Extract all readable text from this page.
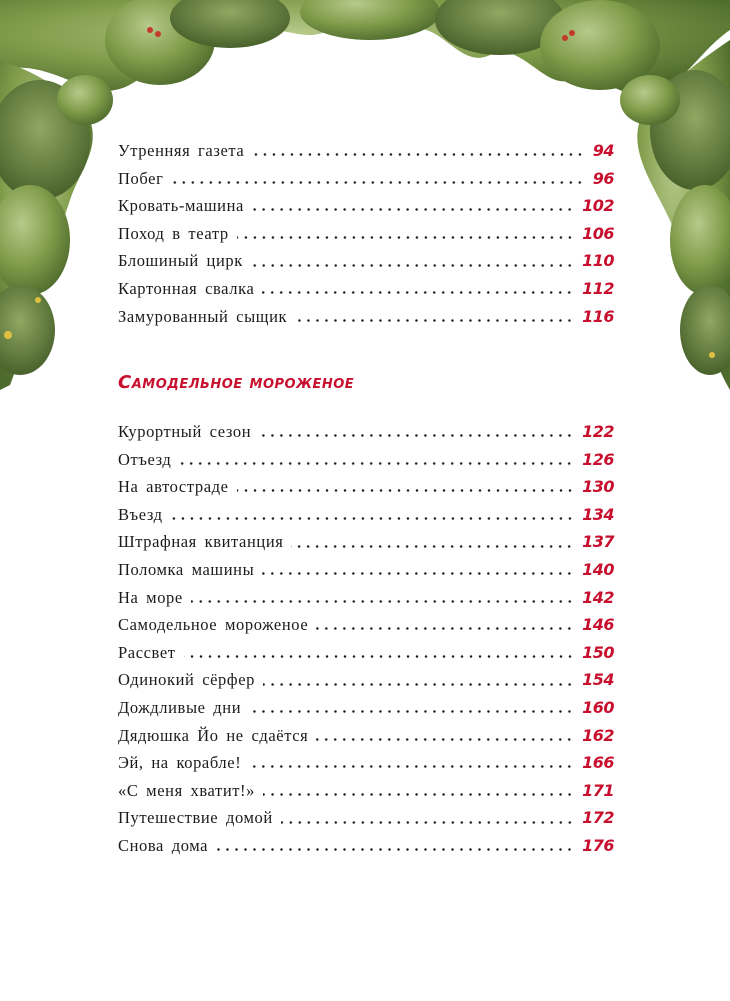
Утренняя газета	94
Побег	96
Кровать-машина	102
Поход в театр	106
Блошиный цирк	110
Картонная свалка	112
Замурованный сыщик	116
Самодельное мороженое
Курортный сезон	122
Отъезд	126
На автостраде	130
Въезд	134
Штрафная квитанция	137
Поломка машины	140
На море	142
Самодельное мороженое	146
Рассвет	150
Одинокий сёрфер	154
Дождливые дни	160
Дядюшка Йо не сдаётся	162
Эй, на корабле!	166
«С меня хватит!»	171
Путешествие домой	172
Снова дома	176
